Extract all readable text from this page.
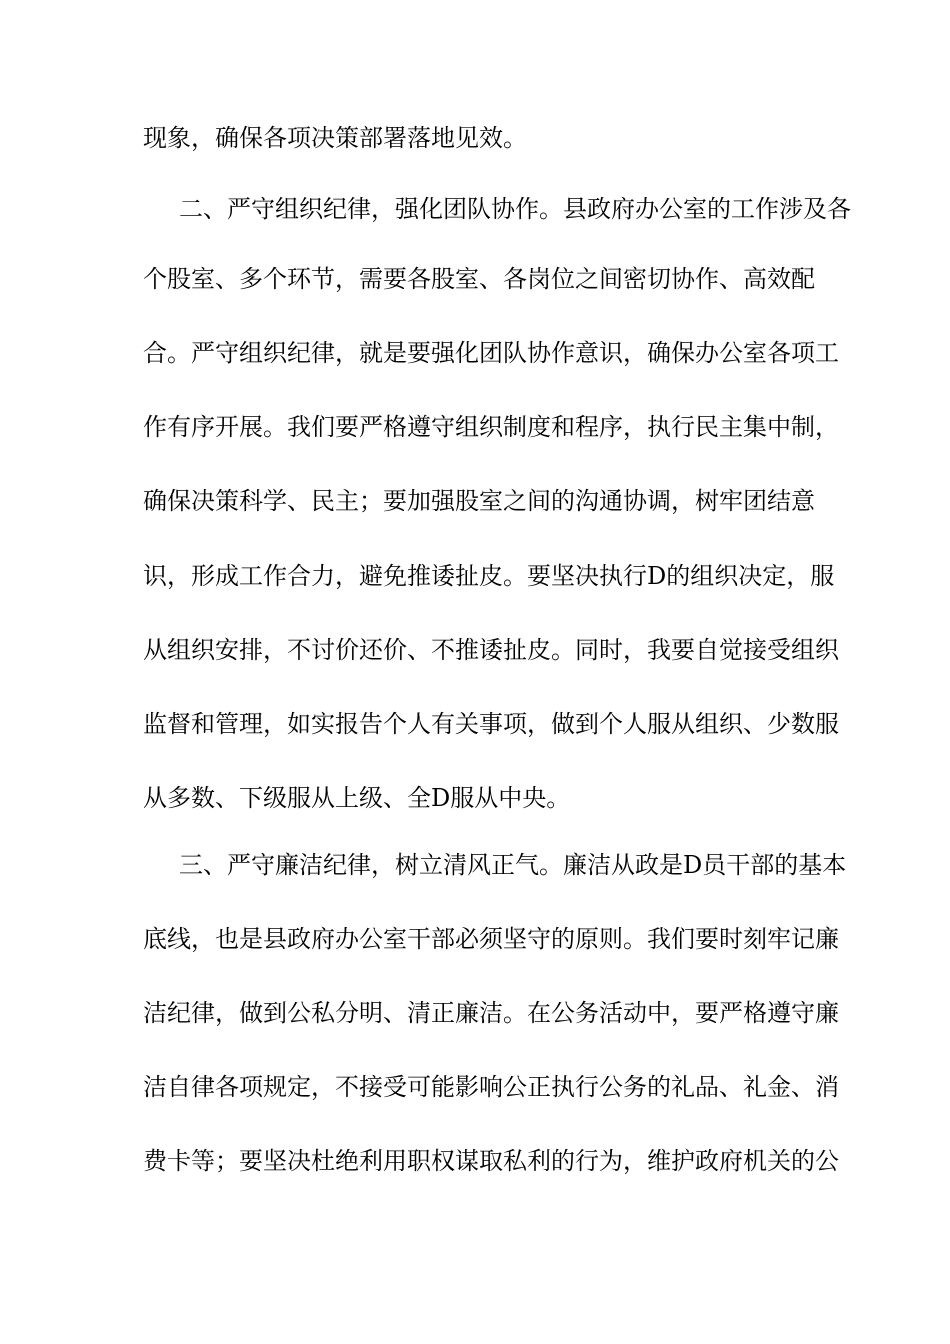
现象，确保各项决策部署落地见效。
二、严守组织纪律，强化团队协作。县政府办公室的工作涉及各
个股室、多个环节，需要各股室、各岗位之间密切协作、高效配
合。严守组织纪律，就是要强化团队协作意识，确保办公室各项工
作有序开展。我们要严格遵守组织制度和程序，执行民主集中制，
确保决策科学、民主；要加强股室之间的沟通协调，树牢团结意
识，形成工作合力，避免推诿扯皮。要坚决执行D的组织决定，服
从组织安排，不讨价还价、不推诿扯皮。同时，我要自觉接受组织
监督和管理，如实报告个人有关事项，做到个人服从组织、少数服
从多数、下级服从上级、全D服从中央。
三、严守廉洁纪律，树立清风正气。廉洁从政是D员干部的基本
底线，也是县政府办公室干部必须坚守的原则。我们要时刻牢记廉
洁纪律，做到公私分明、清正廉洁。在公务活动中，要严格遵守廉
洁自律各项规定，不接受可能影响公正执行公务的礼品、礼金、消
费卡等；要坚决杜绝利用职权谋取私利的行为，维护政府机关的公
